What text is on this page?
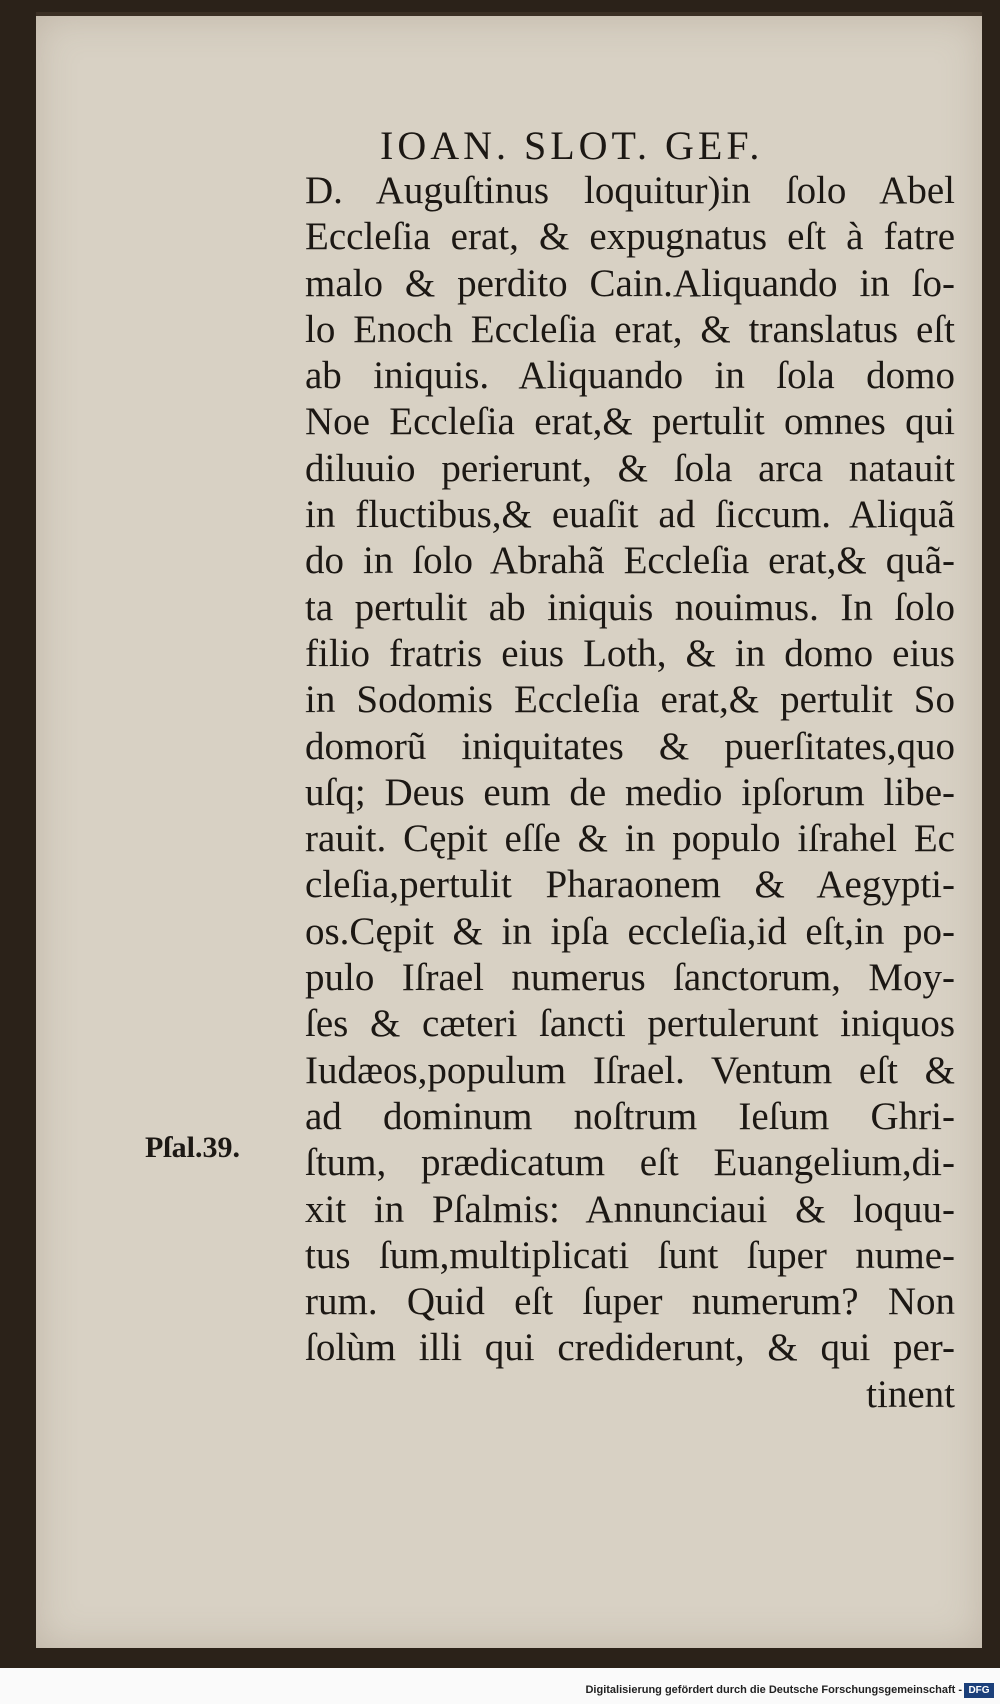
IOAN. SLOT. GEF.
Pſal.39.
D. Auguſtinus loquitur)in ſolo Abel
Eccleſia erat, & expugnatus eſt à fatre
malo & perdito Cain.Aliquando in ſo-
lo Enoch Eccleſia erat, & translatus eſt
ab iniquis. Aliquando in ſola domo
Noe Eccleſia erat,& pertulit omnes qui
diluuio perierunt, & ſola arca natauit
in fluctibus,& euaſit ad ſiccum. Aliquã
do in ſolo Abrahã Eccleſia erat,& quã-
ta pertulit ab iniquis nouimus. In ſolo
filio fratris eius Loth, & in domo eius
in Sodomis Eccleſia erat,& pertulit So
domorũ iniquitates & puerſitates,quo
uſq; Deus eum de medio ipſorum libe-
rauit. Cępit eſſe & in populo iſrahel Ec
cleſia,pertulit Pharaonem & Aegypti-
os.Cępit & in ipſa eccleſia,id eſt,in po-
pulo Iſrael numerus ſanctorum, Moy-
ſes & cæteri ſancti pertulerunt iniquos
Iudæos,populum Iſrael. Ventum eſt &
ad dominum noſtrum Ieſum Ghri-
ſtum, prædicatum eſt Euangelium,di-
xit in Pſalmis: Annunciaui & loquu-
tus ſum,multiplicati ſunt ſuper nume-
rum. Quid eſt ſuper numerum? Non
ſolùm illi qui crediderunt, & qui per-
tinent
Digitalisierung gefördert durch die Deutsche Forschungsgemeinschaft - DFG
